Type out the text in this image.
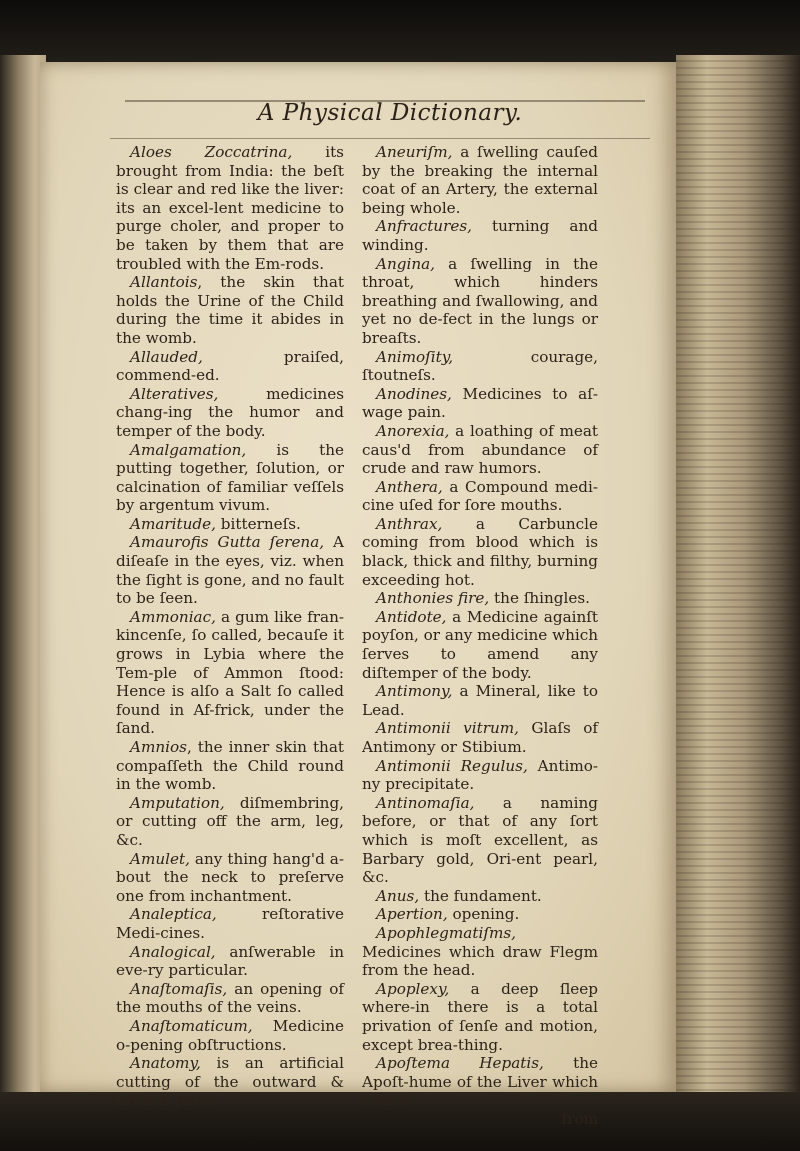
A Physical Dictionary.

Aloes Zoccatrina, its brought from India: the beſt is clear and red like the liver: its an excel-lent medicine to purge choler, and proper to be taken by them that are troubled with the Em-rods.

Allantois, the skin that holds the Urine of the Child during the time it abides in the womb.

Allauded, praiſed, commend-ed.

Alteratives, medicines chang-ing the humor and temper of the body.

Amalgamation, is the putting together, ſolution, or calcination of familiar veſſels by argentum vivum.

Amaritude, bitterneſs.

Amaurofis Gutta ſerena, A diſeaſe in the eyes, viz. when the ſight is gone, and no fault to be ſeen.

Ammoniac, a gum like fran-kincenſe, ſo called, becauſe it grows in Lybia where the Tem-ple of Ammon ſtood: Hence is alſo a Salt ſo called found in Af-frick, under the ſand.

Amnios, the inner skin that compaſſeth the Child round in the womb.

Amputation, diſmembring, or cutting off the arm, leg, &c.

Amulet, any thing hang'd a-bout the neck to preſerve one from inchantment.

Analeptica, reſtorative Medi-cines.

Analogical, anſwerable in eve-ry particular.

Anaſtomaſis, an opening of the mouths of the veins.

Anaſtomaticum, Medicine o-pening obſtructions.

Anatomy, is an artificial cutting of the outward & inward parts.

Aneuriſm, a ſwelling cauſed by the breaking the internal coat of an Artery, the external being whole.

Anfractures, turning and winding.

Angina, a ſwelling in the throat, which hinders breathing and ſwallowing, and yet no de-fect in the lungs or breaſts.

Animoſity, courage, ſtoutneſs.

Anodines, Medicines to aſ-wage pain.

Anorexia, a loathing of meat caus'd from abundance of crude and raw humors.

Anthera, a Compound medi-cine uſed for ſore mouths.

Anthrax, a Carbuncle coming from blood which is black, thick and filthy, burning exceeding hot.

Anthonies fire, the ſhingles.

Antidote, a Medicine againſt poyſon, or any medicine which ſerves to amend any diſtemper of the body.

Antimony, a Mineral, like to Lead.

Antimonii vitrum, Glaſs of Antimony or Stibium.

Antimonii Regulus, Antimo-ny precipitate.

Antinomaſia, a naming before, or that of any ſort which is moſt excellent, as Barbary gold, Ori-ent pearl, &c.

Anus, the fundament.

Apertion, opening.

Apophlegmatiſms, Medicines which draw Flegm from the head.

Apoplexy, a deep ſleep where-in there is a total privation of ſenſe and motion, except brea-thing.

Apoſtema Hepatis, the Apoſt-hume of the Liver which comes

from
